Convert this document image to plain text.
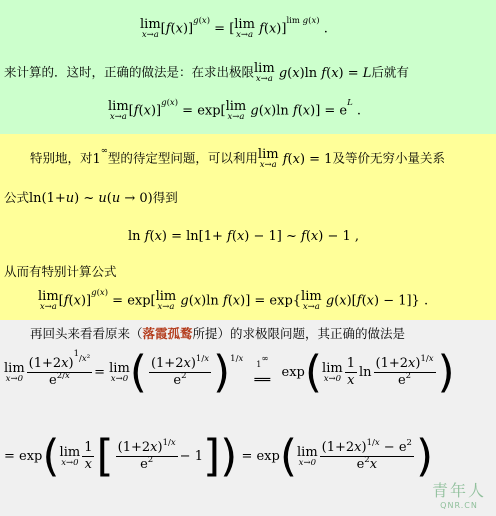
lim
x→a $[f(x)]^{g(x)}$ = [ lim
x→a f(x)]$^{lim g(x)}$ .
来计算的．这时，正确的做法是：在求出极限 lim
x→a g(x)ln f(x) = L后就有
lim
x→a $[f(x)]^{g(x)} = \exp$[ lim
x→a g(x)ln $f(x)] = e^L$ .
特别地，对1∞型的待定型问题，可以利用 lim
x→a f(x) = 1及等价无穷小量关系
公式ln(1+u) ~ u(u → 0)得到
ln f(x) = ln[1+ f(x) − 1] ~ f(x) − 1 ,
从而有特别计算公式
lim
x→a $[f(x)]^{g(x)} = \exp$[ lim
x→a g(x)ln f(x)] = exp{ lim
x→a g(x)[f(x) − 1]} .
再回头来看看原来（落霞孤鹜所提）的求极限问题，其正确的做法是
lim
$x\to 0 \frac{(1+2x)^{^1/x^2}}{e^{2/x}} = \lim$
x→0 ( $\frac{(1+2x)^{1/x}}{e^2} )^{1/x}$ 1∞
══ exp( lim
$x\to 0 \frac{1}{x}$ $\ln \frac{(1+2x)^{1/x}}{e^2}$ )
= exp( lim
$x\to 0 \frac{1}{x}$ [ $\frac{(1+2x)^{1/x}}{e^2} - 1]) = \exp$( lim
$x\to 0 \frac{(1+2x)^{1/x} - e^2}{e^2x}$ )
青年人
QNR.CN
